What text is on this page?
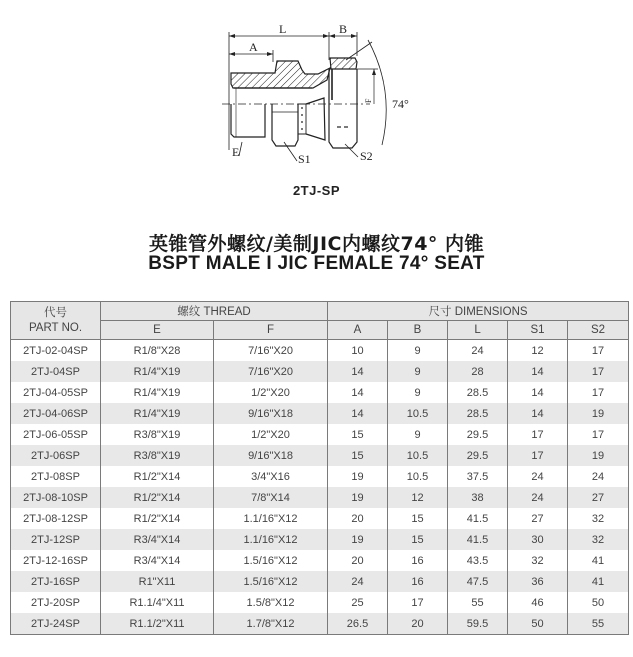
L
A
B
E	S1	S2
74°
F
2TJ-SP
英锥管外螺纹/美制JIC内螺纹74° 内锥
BSPT MALE I JIC FEMALE 74° SEAT
代号
PART NO.	螺纹 THREAD		尺寸 DIMENSIONS				
	E	F	A	B	L	S1	S2
2TJ-02-04SP	R1/8"X28	7/16"X20	10	9	24	12	17
2TJ-04SP	R1/4"X19	7/16"X20	14	9	28	14	17
2TJ-04-05SP	R1/4"X19	1/2"X20	14	9	28.5	14	17
2TJ-04-06SP	R1/4"X19	9/16"X18	14	10.5	28.5	14	19
2TJ-06-05SP	R3/8"X19	1/2"X20	15	9	29.5	17	17
2TJ-06SP	R3/8"X19	9/16"X18	15	10.5	29.5	17	19
2TJ-08SP	R1/2"X14	3/4"X16	19	10.5	37.5	24	24
2TJ-08-10SP	R1/2"X14	7/8"X14	19	12	38	24	27
2TJ-08-12SP	R1/2"X14	1.1/16"X12	20	15	41.5	27	32
2TJ-12SP	R3/4"X14	1.1/16"X12	19	15	41.5	30	32
2TJ-12-16SP	R3/4"X14	1.5/16"X12	20	16	43.5	32	41
2TJ-16SP	R1"X11	1.5/16"X12	24	16	47.5	36	41
2TJ-20SP	R1.1/4"X11	1.5/8"X12	25	17	55	46	50
2TJ-24SP	R1.1/2"X11	1.7/8"X12	26.5	20	59.5	50	55
